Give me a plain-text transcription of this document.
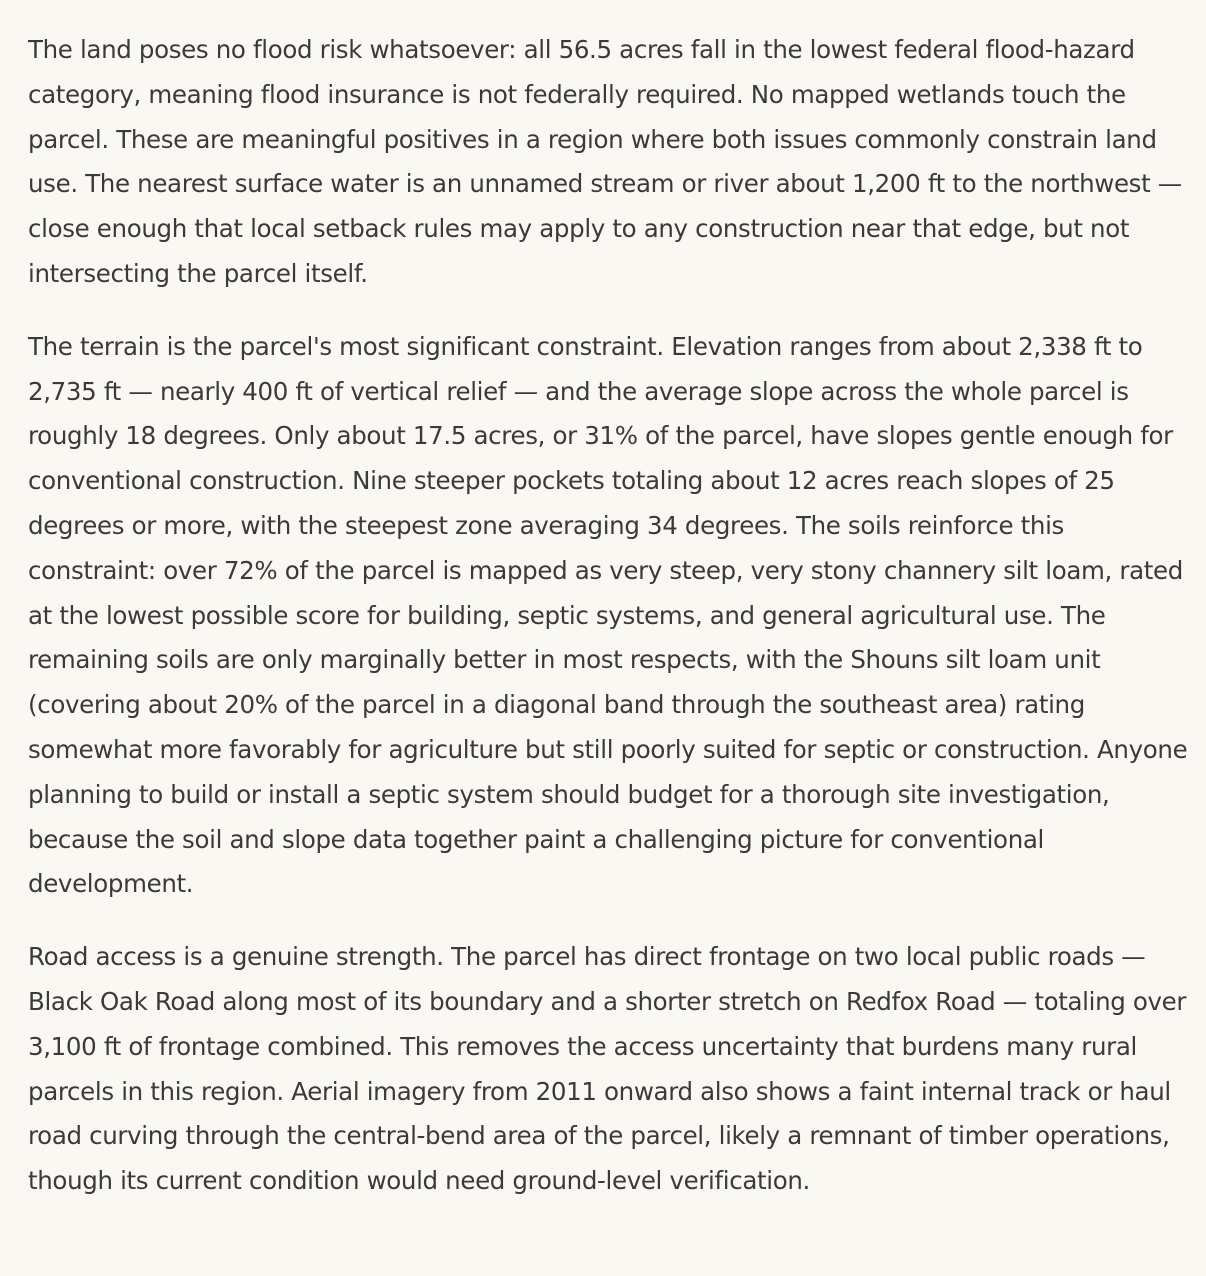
The land poses no flood risk whatsoever: all 56.5 acres fall in the lowest federal flood-hazard category, meaning flood insurance is not federally required. No mapped wetlands touch the parcel. These are meaningful positives in a region where both issues commonly constrain land use. The nearest surface water is an unnamed stream or river about 1,200 ft to the northwest — close enough that local setback rules may apply to any construction near that edge, but not intersecting the parcel itself.

The terrain is the parcel's most significant constraint. Elevation ranges from about 2,338 ft to 2,735 ft — nearly 400 ft of vertical relief — and the average slope across the whole parcel is roughly 18 degrees. Only about 17.5 acres, or 31% of the parcel, have slopes gentle enough for conventional construction. Nine steeper pockets totaling about 12 acres reach slopes of 25 degrees or more, with the steepest zone averaging 34 degrees. The soils reinforce this constraint: over 72% of the parcel is mapped as very steep, very stony channery silt loam, rated at the lowest possible score for building, septic systems, and general agricultural use. The remaining soils are only marginally better in most respects, with the Shouns silt loam unit (covering about 20% of the parcel in a diagonal band through the southeast area) rating somewhat more favorably for agriculture but still poorly suited for septic or construction. Anyone planning to build or install a septic system should budget for a thorough site investigation, because the soil and slope data together paint a challenging picture for conventional development.

Road access is a genuine strength. The parcel has direct frontage on two local public roads — Black Oak Road along most of its boundary and a shorter stretch on Redfox Road — totaling over 3,100 ft of frontage combined. This removes the access uncertainty that burdens many rural parcels in this region. Aerial imagery from 2011 onward also shows a faint internal track or haul road curving through the central-bend area of the parcel, likely a remnant of timber operations, though its current condition would need ground-level verification.
